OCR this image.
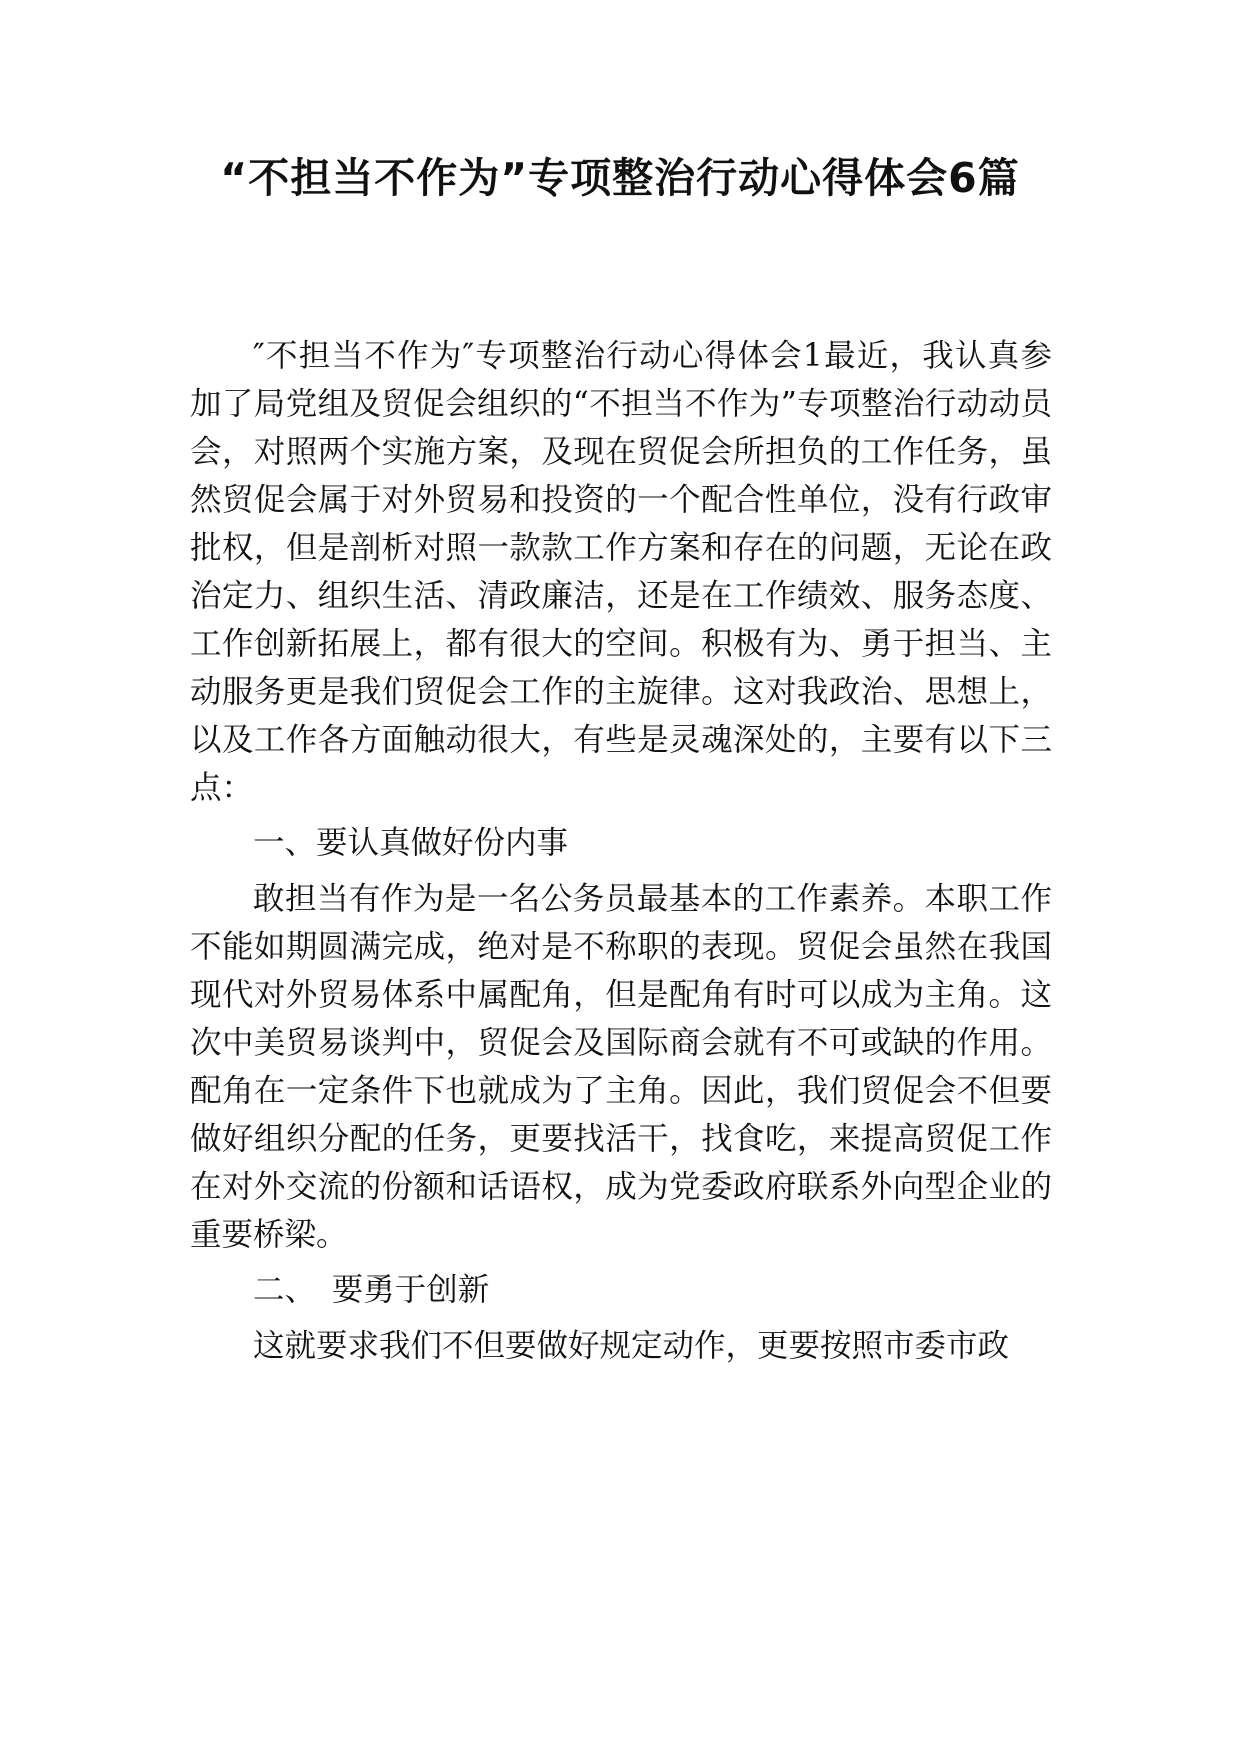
“不担当不作为”专项整治行动心得体会6篇

″不担当不作为″专项整治行动心得体会1最近，我认真参加了局党组及贸促会组织的“不担当不作为”专项整治行动动员会，对照两个实施方案，及现在贸促会所担负的工作任务，虽然贸促会属于对外贸易和投资的一个配合性单位，没有行政审批权，但是剖析对照一款款工作方案和存在的问题，无论在政治定力、组织生活、清政廉洁，还是在工作绩效、服务态度、工作创新拓展上，都有很大的空间。积极有为、勇于担当、主动服务更是我们贸促会工作的主旋律。这对我政治、思想上，以及工作各方面触动很大，有些是灵魂深处的，主要有以下三点：

一、要认真做好份内事

敢担当有作为是一名公务员最基本的工作素养。本职工作不能如期圆满完成，绝对是不称职的表现。贸促会虽然在我国现代对外贸易体系中属配角，但是配角有时可以成为主角。这次中美贸易谈判中，贸促会及国际商会就有不可或缺的作用。配角在一定条件下也就成为了主角。因此，我们贸促会不但要做好组织分配的任务，更要找活干，找食吃，来提高贸促工作在对外交流的份额和话语权，成为党委政府联系外向型企业的重要桥梁。

二、　要勇于创新

这就要求我们不但要做好规定动作，更要按照市委市政
